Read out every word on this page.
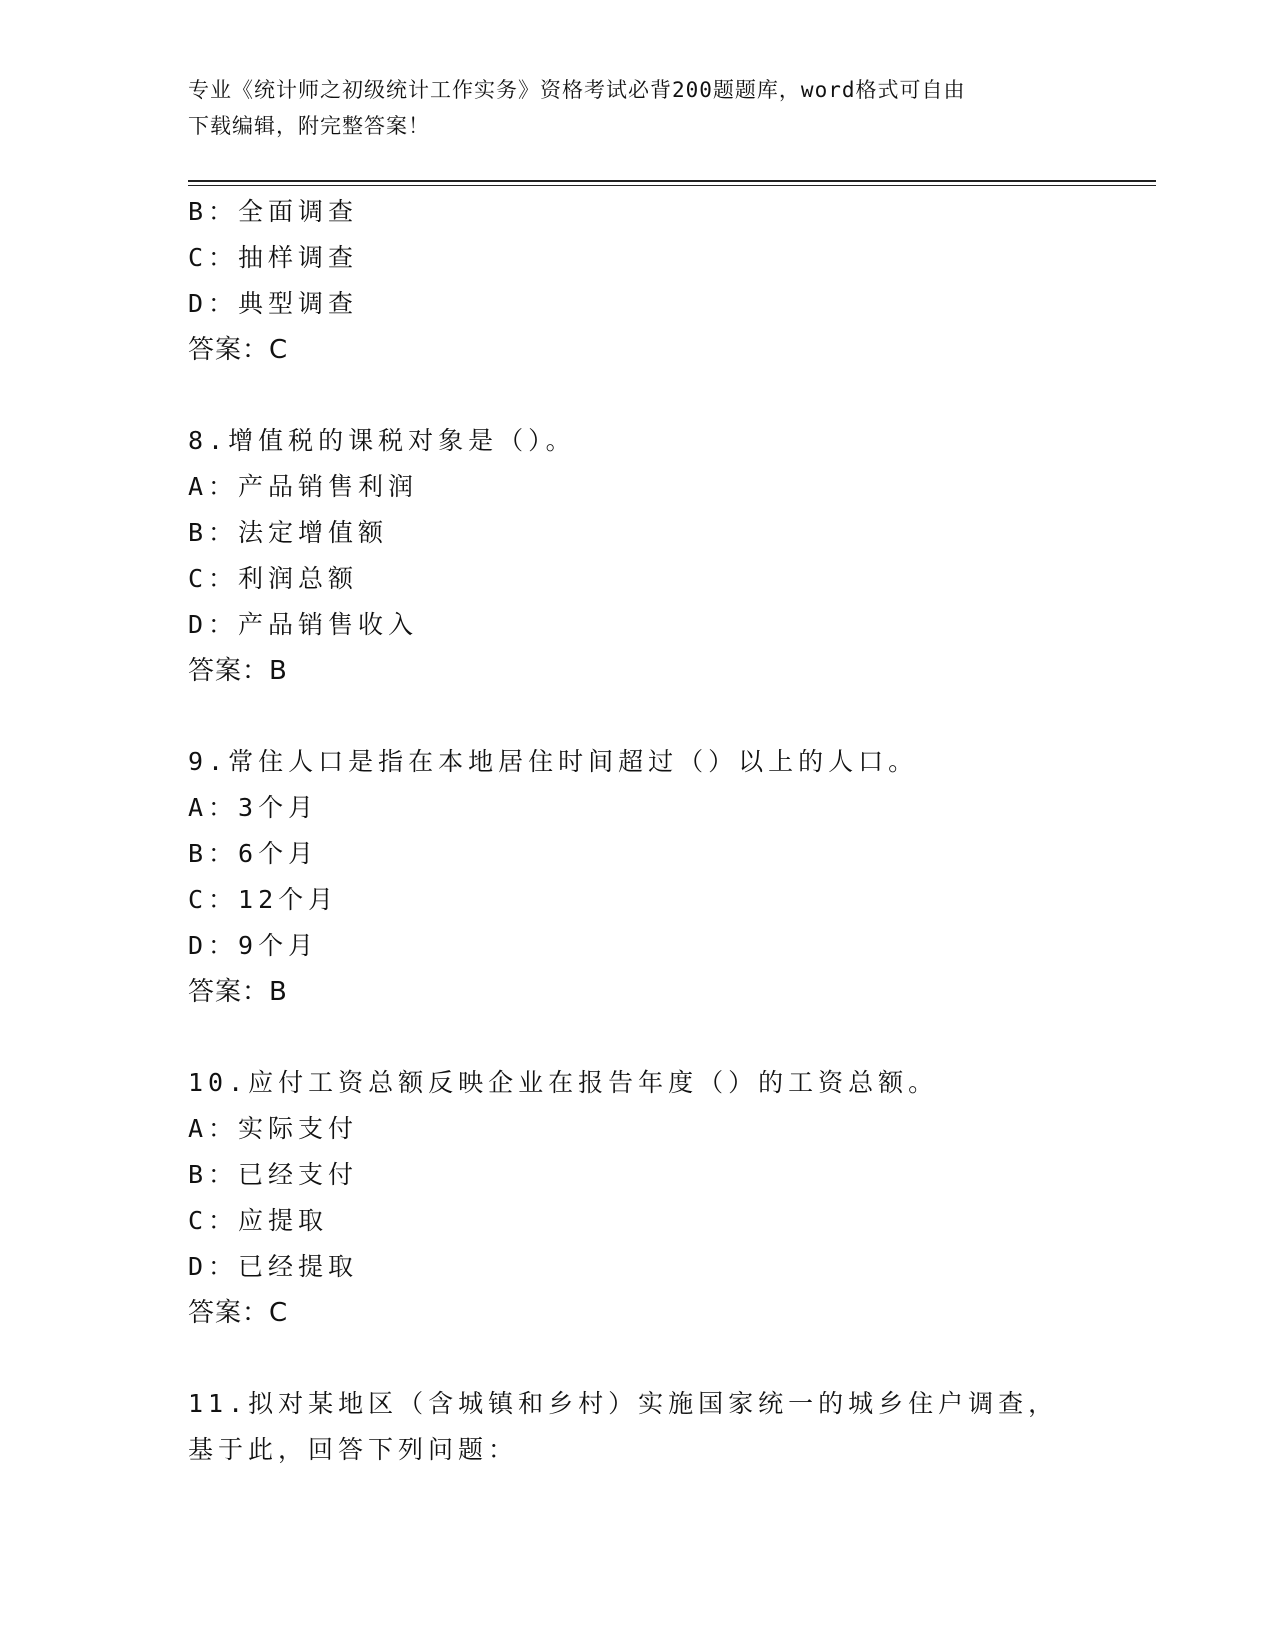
专业《统计师之初级统计工作实务》资格考试必背200题题库，word格式可自由
下载编辑，附完整答案！
B：全面调查
C：抽样调查
D：典型调查
答案：C
8.增值税的课税对象是（）。
A：产品销售利润
B：法定增值额
C：利润总额
D：产品销售收入
答案：B
9.常住人口是指在本地居住时间超过（）以上的人口。
A：3个月
B：6个月
C：12个月
D：9个月
答案：B
10.应付工资总额反映企业在报告年度（）的工资总额。
A：实际支付
B：已经支付
C：应提取
D：已经提取
答案：C
11.拟对某地区（含城镇和乡村）实施国家统一的城乡住户调查，基于此，回答下列问题：
